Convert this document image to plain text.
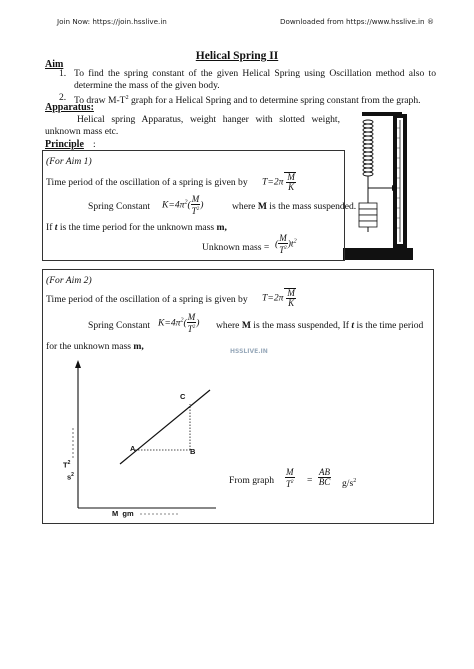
Join Now: https://join.hsslive.in	Downloaded from https://www.hsslive.in ®
Helical Spring II
Aim
1. To find the spring constant of the given Helical Spring using Oscillation method also to determine the mass of the given body.
2. To draw $M-T^2$ graph for a Helical Spring and to determine spring constant from the graph.
Apparatus:
Helical spring Apparatus, weight hanger with slotted weight, unknown mass etc.
Principle :
(For Aim 1)
Time period of the oscillation of a spring is given by $T=2\pi \frac{M}{K}$
Spring Constant $K=4\pi^2( \frac{M}{T^2}$ )	where M is the mass suspended.
If t is the time period for the unknown mass m,
Unknown mass = ( $\frac{M}{T^2} )t^2$
(For Aim 2)
Time period of the oscillation of a spring is given by $T=2\pi \frac{M}{K}$
Spring Constant $K=4\pi^2( \frac{M}{T^2}$ ) where M is the mass suspended, If t is the time period
for the unknown mass m,	HSSLIVE.IN
A	B
C
$T^2$
$s^2$
M  gm
From graph $\frac{M}{T^2} = \frac{AB}{BC} g/s^2$
